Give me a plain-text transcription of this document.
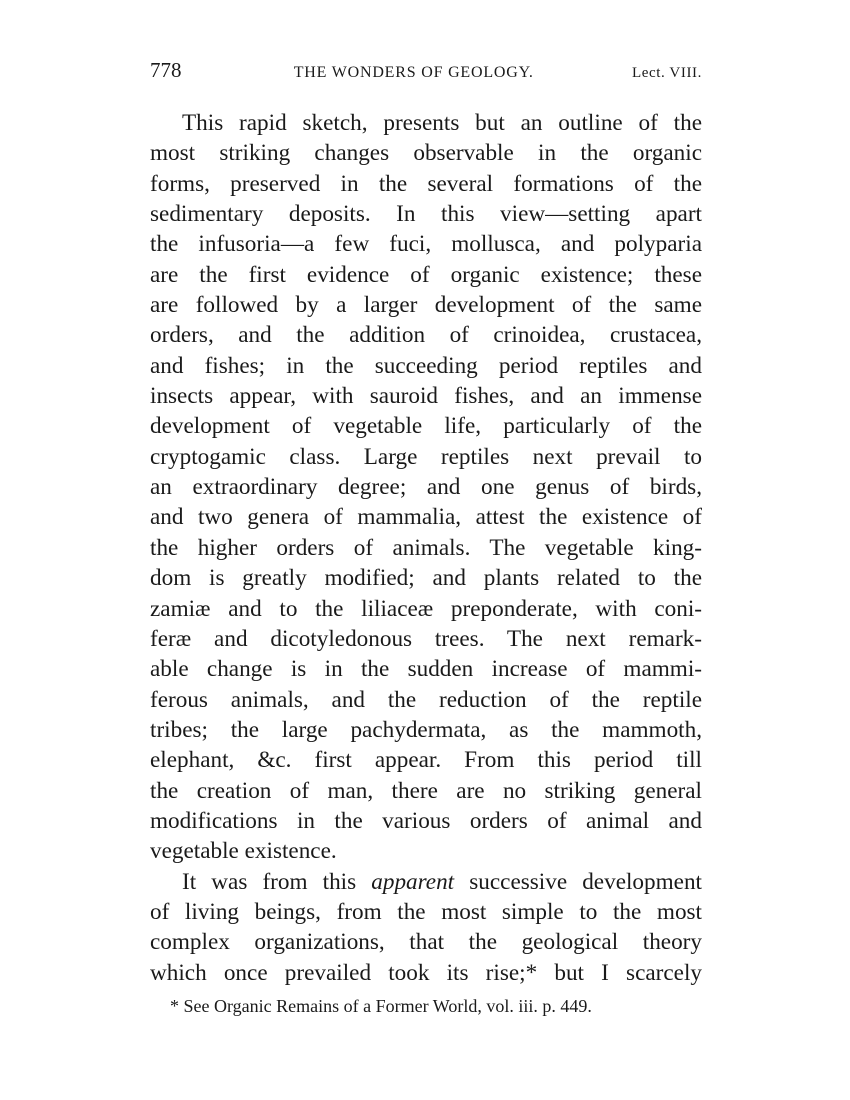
778	THE WONDERS OF GEOLOGY.	Lect. VIII.
This rapid sketch, presents but an outline of the
most striking changes observable in the organic
forms, preserved in the several formations of the
sedimentary deposits. In this view—setting apart
the infusoria—a few fuci, mollusca, and polyparia
are the first evidence of organic existence; these
are followed by a larger development of the same
orders, and the addition of crinoidea, crustacea,
and fishes; in the succeeding period reptiles and
insects appear, with sauroid fishes, and an immense
development of vegetable life, particularly of the
cryptogamic class. Large reptiles next prevail to
an extraordinary degree; and one genus of birds,
and two genera of mammalia, attest the existence of
the higher orders of animals. The vegetable king-
dom is greatly modified; and plants related to the
zamiæ and to the liliaceæ preponderate, with coni-
feræ and dicotyledonous trees. The next remark-
able change is in the sudden increase of mammi-
ferous animals, and the reduction of the reptile
tribes; the large pachydermata, as the mammoth,
elephant, &c. first appear. From this period till
the creation of man, there are no striking general
modifications in the various orders of animal and
vegetable existence.
It was from this apparent successive development
of living beings, from the most simple to the most
complex organizations, that the geological theory
which once prevailed took its rise;* but I scarcely
* See Organic Remains of a Former World, vol. iii. p. 449.
